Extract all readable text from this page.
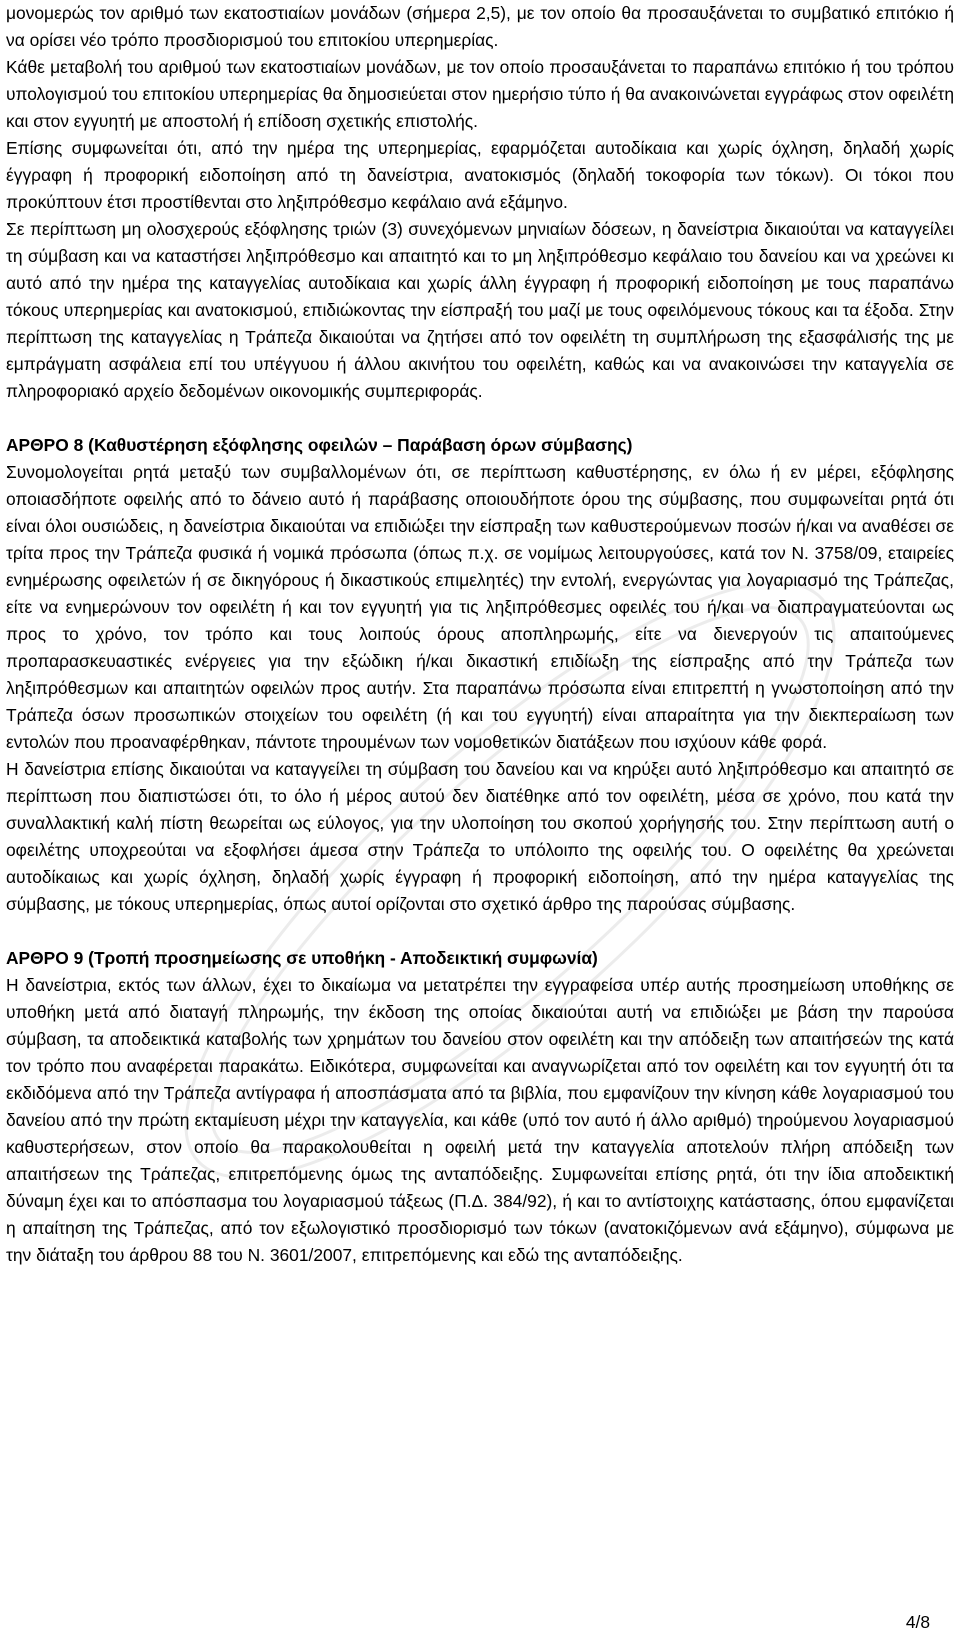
μονομερώς τον αριθμό των εκατοστιαίων μονάδων (σήμερα 2,5), με τον οποίο θα προσαυξάνεται το συμβατικό επιτόκιο ή να ορίσει νέο τρόπο προσδιορισμού του επιτοκίου υπερημερίας.

Κάθε μεταβολή του αριθμού των εκατοστιαίων μονάδων, με τον οποίο προσαυξάνεται το παραπάνω επιτόκιο ή του τρόπου υπολογισμού του επιτοκίου υπερημερίας θα δημοσιεύεται στον ημερήσιο τύπο ή θα ανακοινώνεται εγγράφως στον οφειλέτη και στον εγγυητή με αποστολή ή επίδοση σχετικής επιστολής.

Επίσης συμφωνείται ότι, από την ημέρα της υπερημερίας, εφαρμόζεται αυτοδίκαια και χωρίς όχληση, δηλαδή χωρίς έγγραφη ή προφορική ειδοποίηση από τη δανείστρια, ανατοκισμός (δηλαδή τοκοφορία των τόκων). Οι τόκοι που προκύπτουν έτσι προστίθενται στο ληξιπρόθεσμο κεφάλαιο ανά εξάμηνο.

Σε περίπτωση μη ολοσχερούς εξόφλησης τριών (3) συνεχόμενων μηνιαίων δόσεων, η δανείστρια δικαιούται να καταγγείλει τη σύμβαση και να καταστήσει ληξιπρόθεσμο και απαιτητό και το μη ληξιπρόθεσμο κεφάλαιο του δανείου και να χρεώνει κι αυτό από την ημέρα της καταγγελίας αυτοδίκαια και χωρίς άλλη έγγραφη ή προφορική ειδοποίηση με τους παραπάνω τόκους υπερημερίας και ανατοκισμού, επιδιώκοντας την είσπραξή του μαζί με τους οφειλόμενους τόκους και τα έξοδα. Στην περίπτωση της καταγγελίας η Τράπεζα δικαιούται να ζητήσει από τον οφειλέτη τη συμπλήρωση της εξασφάλισής της με εμπράγματη ασφάλεια επί του υπέγγυου ή άλλου ακινήτου του οφειλέτη, καθώς και να ανακοινώσει την καταγγελία σε πληροφοριακό αρχείο δεδομένων οικονομικής συμπεριφοράς.

ΑΡΘΡΟ 8 (Καθυστέρηση εξόφλησης οφειλών – Παράβαση όρων σύμβασης)

Συνομολογείται ρητά μεταξύ των συμβαλλομένων ότι, σε περίπτωση καθυστέρησης, εν όλω ή εν μέρει, εξόφλησης οποιασδήποτε οφειλής από το δάνειο αυτό ή παράβασης οποιουδήποτε όρου της σύμβασης, που συμφωνείται ρητά ότι είναι όλοι ουσιώδεις, η δανείστρια δικαιούται να επιδιώξει την είσπραξη των καθυστερούμενων ποσών ή/και να αναθέσει σε τρίτα προς την Τράπεζα φυσικά ή νομικά πρόσωπα (όπως π.χ. σε νομίμως λειτουργούσες, κατά τον Ν. 3758/09, εταιρείες ενημέρωσης οφειλετών ή σε δικηγόρους ή δικαστικούς επιμελητές) την εντολή, ενεργώντας για λογαριασμό της Τράπεζας, είτε να ενημερώνουν τον οφειλέτη ή και τον εγγυητή για τις ληξιπρόθεσμες οφειλές του ή/και να διαπραγματεύονται ως προς το χρόνο, τον τρόπο και τους λοιπούς όρους αποπληρωμής, είτε να διενεργούν τις απαιτούμενες προπαρασκευαστικές ενέργειες για την εξώδικη ή/και δικαστική επιδίωξη της είσπραξης από την Τράπεζα των ληξιπρόθεσμων και απαιτητών οφειλών προς αυτήν. Στα παραπάνω πρόσωπα είναι επιτρεπτή η γνωστοποίηση από την Τράπεζα όσων προσωπικών στοιχείων του οφειλέτη (ή και του εγγυητή) είναι απαραίτητα για την διεκπεραίωση των εντολών που προαναφέρθηκαν, πάντοτε τηρουμένων των νομοθετικών διατάξεων που ισχύουν κάθε φορά.

Η δανείστρια επίσης δικαιούται να καταγγείλει τη σύμβαση του δανείου και να κηρύξει αυτό ληξιπρόθεσμο και απαιτητό σε περίπτωση που διαπιστώσει ότι, το όλο ή μέρος αυτού δεν διατέθηκε από τον οφειλέτη, μέσα σε χρόνο, που κατά την συναλλακτική καλή πίστη θεωρείται ως εύλογος, για την υλοποίηση του σκοπού χορήγησής του. Στην περίπτωση αυτή ο οφειλέτης υποχρεούται να εξοφλήσει άμεσα στην Τράπεζα το υπόλοιπο της οφειλής του. Ο οφειλέτης θα χρεώνεται αυτοδίκαιως και χωρίς όχληση, δηλαδή χωρίς έγγραφη ή προφορική ειδοποίηση, από την ημέρα καταγγελίας της σύμβασης, με τόκους υπερημερίας, όπως αυτοί ορίζονται στο σχετικό άρθρο της παρούσας σύμβασης.

ΑΡΘΡΟ 9 (Τροπή προσημείωσης σε υποθήκη - Αποδεικτική συμφωνία)

Η δανείστρια, εκτός των άλλων, έχει το δικαίωμα να μετατρέπει την εγγραφείσα υπέρ αυτής προσημείωση υποθήκης σε υποθήκη μετά από διαταγή πληρωμής, την έκδοση της οποίας δικαιούται αυτή να επιδιώξει με βάση την παρούσα σύμβαση, τα αποδεικτικά καταβολής των χρημάτων του δανείου στον οφειλέτη και την απόδειξη των απαιτήσεών της κατά τον τρόπο που αναφέρεται παρακάτω. Ειδικότερα, συμφωνείται και αναγνωρίζεται από τον οφειλέτη και τον εγγυητή ότι τα εκδιδόμενα από την Τράπεζα αντίγραφα ή αποσπάσματα από τα βιβλία, που εμφανίζουν την κίνηση κάθε λογαριασμού του δανείου από την πρώτη εκταμίευση μέχρι την καταγγελία, και κάθε (υπό τον αυτό ή άλλο αριθμό) τηρούμενου λογαριασμού καθυστερήσεων, στον οποίο θα παρακολουθείται η οφειλή μετά την καταγγελία αποτελούν πλήρη απόδειξη των απαιτήσεων της Τράπεζας, επιτρεπόμενης όμως της ανταπόδειξης. Συμφωνείται επίσης ρητά, ότι την ίδια αποδεικτική δύναμη έχει και το απόσπασμα του λογαριασμού τάξεως (Π.Δ. 384/92), ή και το αντίστοιχης κατάστασης, όπου εμφανίζεται η απαίτηση της Τράπεζας, από τον εξωλογιστικό προσδιορισμό των τόκων (ανατοκιζόμενων ανά εξάμηνο), σύμφωνα με την διάταξη του άρθρου 88 του Ν. 3601/2007, επιτρεπόμενης και εδώ της ανταπόδειξης.

4/8
